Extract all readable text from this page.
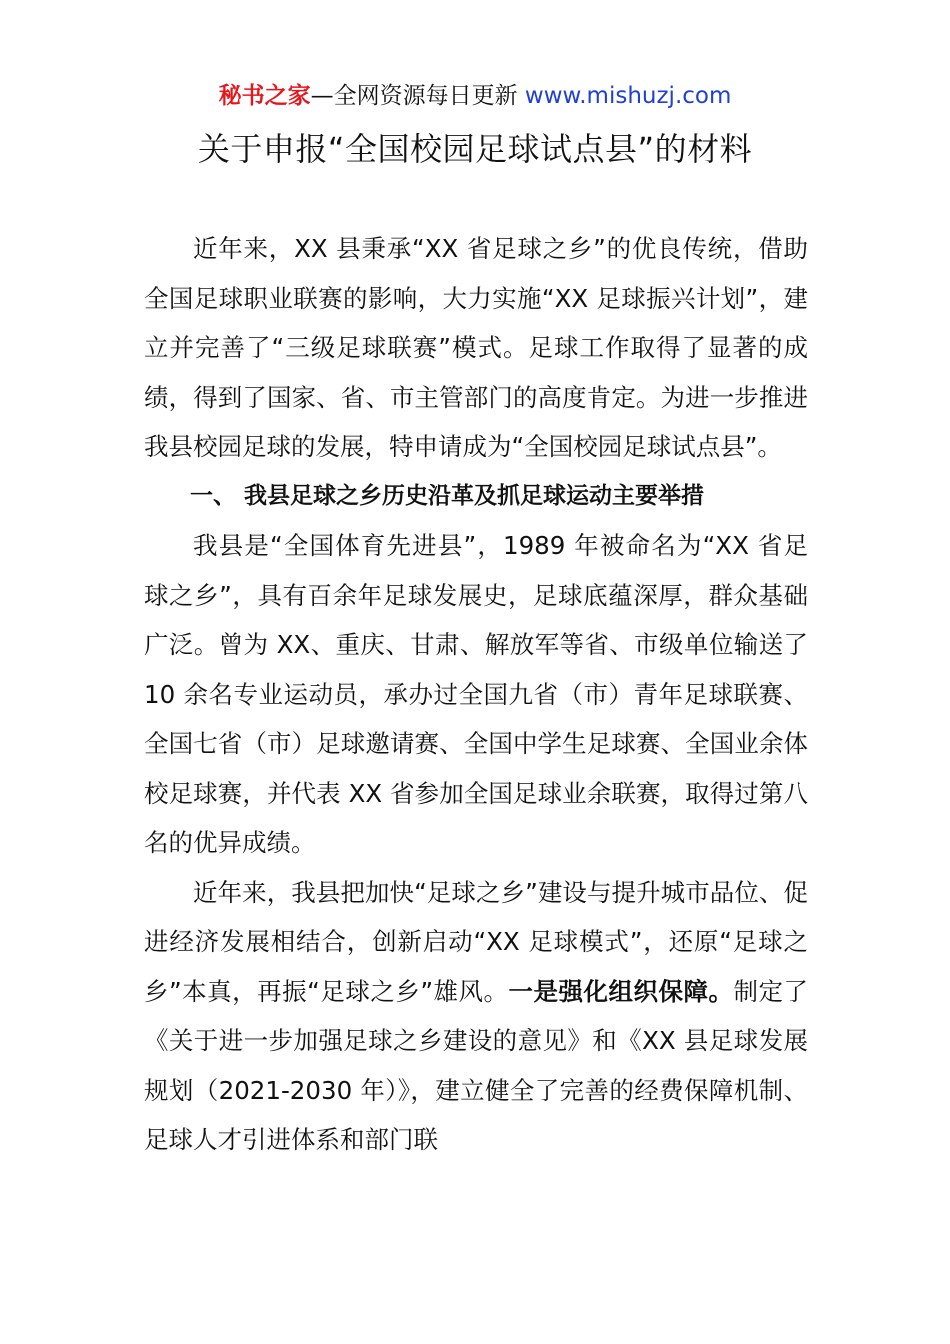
秘书之家—全网资源每日更新 www.mishuzj.com
关于申报“全国校园足球试点县”的材料

近年来，XX 县秉承“XX 省足球之乡”的优良传统，借助全国足球职业联赛的影响，大力实施“XX 足球振兴计划”，建立并完善了“三级足球联赛”模式。足球工作取得了显著的成绩，得到了国家、省、市主管部门的高度肯定。为进一步推进我县校园足球的发展，特申请成为“全国校园足球试点县”。

一、 我县足球之乡历史沿革及抓足球运动主要举措

我县是“全国体育先进县”，1989 年被命名为“XX 省足球之乡”，具有百余年足球发展史，足球底蕴深厚，群众基础广泛。曾为 XX、重庆、甘肃、解放军等省、市级单位输送了 10 余名专业运动员，承办过全国九省（市）青年足球联赛、全国七省（市）足球邀请赛、全国中学生足球赛、全国业余体校足球赛，并代表 XX 省参加全国足球业余联赛，取得过第八名的优异成绩。

近年来，我县把加快“足球之乡”建设与提升城市品位、促进经济发展相结合，创新启动“XX 足球模式”，还原“足球之乡”本真，再振“足球之乡”雄风。一是强化组织保障。制定了《关于进一步加强足球之乡建设的意见》和《XX 县足球发展规划（2021-2030 年）》，建立健全了完善的经费保障机制、足球人才引进体系和部门联
